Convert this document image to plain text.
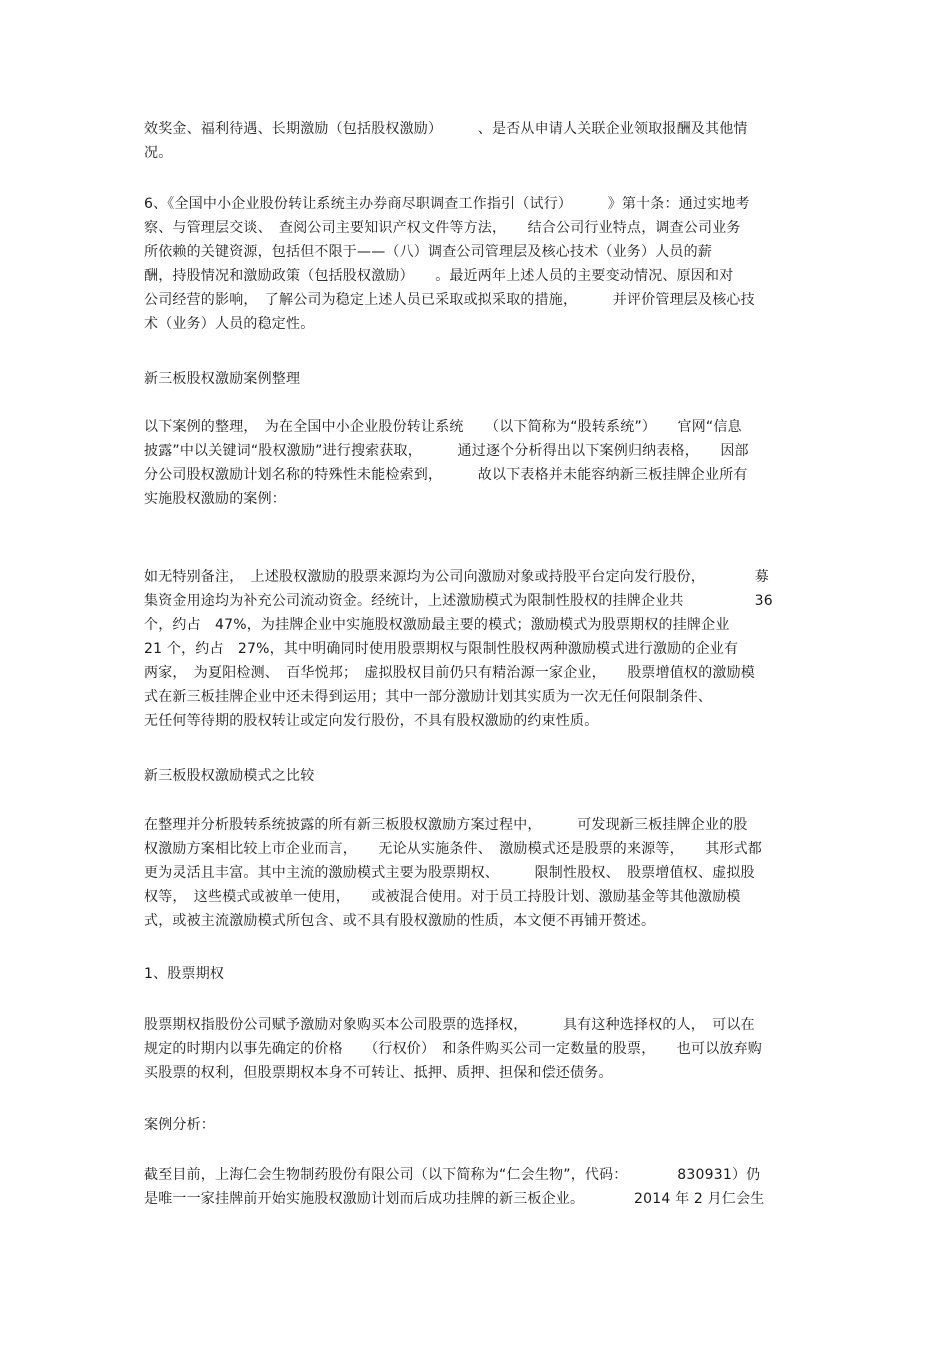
效奖金、福利待遇、长期激励（包括股权激励）　　　、是否从申请人关联企业领取报酬及其他情
况。
6、《全国中小企业股份转让系统主办券商尽职调查工作指引（试行）　　　》第十条：通过实地考
察、与管理层交谈、　查阅公司主要知识产权文件等方法，　　结合公司行业特点，调查公司业务
所依赖的关键资源，包括但不限于——（八）调查公司管理层及核心技术（业务）人员的薪
酬，持股情况和激励政策（包括股权激励）　　。最近两年上述人员的主要变动情况、原因和对
公司经营的影响，　了解公司为稳定上述人员已采取或拟采取的措施，　　　并评价管理层及核心技
术（业务）人员的稳定性。
新三板股权激励案例整理
以下案例的整理，　为在全国中小企业股份转让系统　　（以下简称为“股转系统”）　　官网“信息
披露”中以关键词“股权激励”进行搜索获取，　　　通过逐个分析得出以下案例归纳表格，　　因部
分公司股权激励计划名称的特殊性未能检索到，　　　故以下表格并未能容纳新三板挂牌企业所有
实施股权激励的案例：
如无特别备注，　上述股权激励的股票来源均为公司向激励对象或持股平台定向发行股份，　　　　募
集资金用途均为补充公司流动资金。经统计，上述激励模式为限制性股权的挂牌企业共　　　　　36
个，约占　47%，为挂牌企业中实施股权激励最主要的模式；激励模式为股票期权的挂牌企业
21 个，约占　27%，其中明确同时使用股票期权与限制性股权两种激励模式进行激励的企业有
两家，　为夏阳检测、　百华悦邦；　虚拟股权目前仍只有精治源一家企业，　　股票增值权的激励模
式在新三板挂牌企业中还未得到运用；其中一部分激励计划其实质为一次无任何限制条件、
无任何等待期的股权转让或定向发行股份，不具有股权激励的约束性质。
新三板股权激励模式之比较
在整理并分析股转系统披露的所有新三板股权激励方案过程中，　　　可发现新三板挂牌企业的股
权激励方案相比较上市企业而言，　　无论从实施条件、　激励模式还是股票的来源等，　　其形式都
更为灵活且丰富。其中主流的激励模式主要为股票期权、　　　限制性股权、　股票增值权、虚拟股
权等，　这些模式或被单一使用，　　或被混合使用。对于员工持股计划、激励基金等其他激励模
式，或被主流激励模式所包含、或不具有股权激励的性质，本文便不再铺开赘述。
1、股票期权
股票期权指股份公司赋予激励对象购买本公司股票的选择权，　　　具有这种选择权的人，　可以在
规定的时期内以事先确定的价格　　（行权价）　和条件购买公司一定数量的股票，　　也可以放弃购
买股票的权利，但股票期权本身不可转让、抵押、质押、担保和偿还债务。
案例分析：
截至目前，上海仁会生物制药股份有限公司（以下简称为“仁会生物”，代码：　　　　830931）仍
是唯一一家挂牌前开始实施股权激励计划而后成功挂牌的新三板企业。　　　　2014 年 2 月仁会生
